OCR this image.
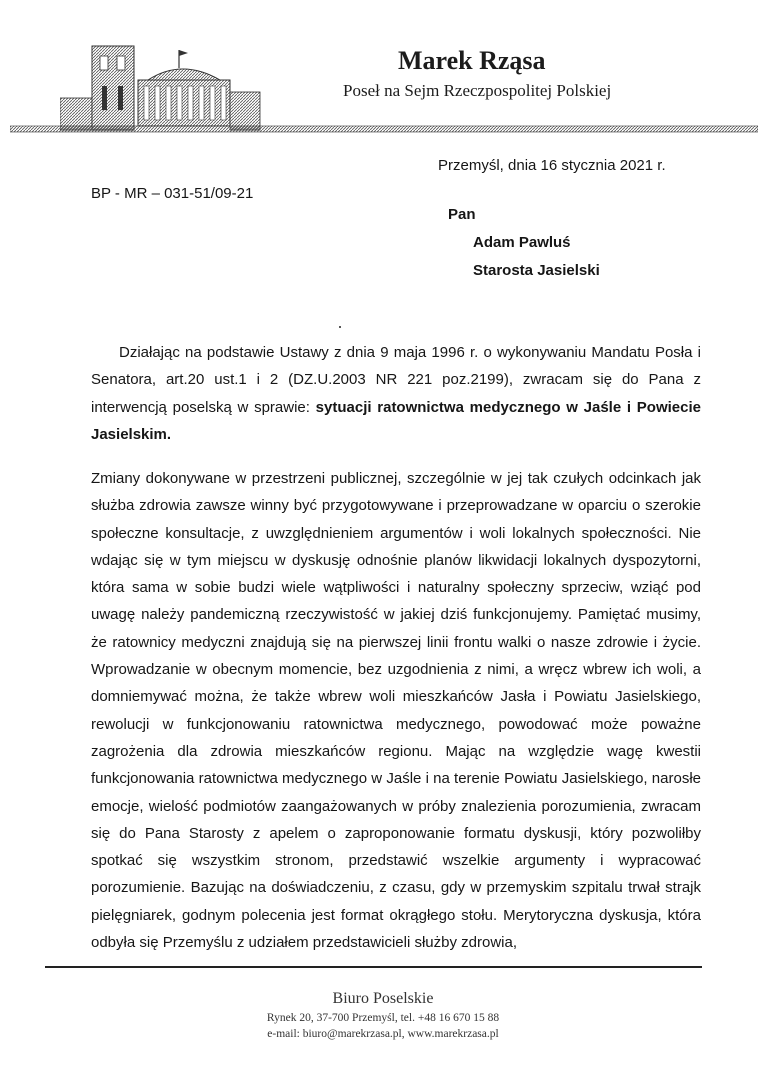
Marek Rząsa
Poseł na Sejm Rzeczpospolitej Polskiej
Przemyśl, dnia 16 stycznia 2021 r.
BP - MR – 031-51/09-21
Pan
Adam Pawluś
Starosta Jasielski

Działając na podstawie Ustawy z dnia 9 maja 1996 r. o wykonywaniu Mandatu Posła i Senatora, art.20 ust.1 i 2 (DZ.U.2003 NR 221 poz.2199), zwracam się do Pana z interwencją poselską w sprawie: sytuacji ratownictwa medycznego w Jaśle i Powiecie Jasielskim.

Zmiany dokonywane w przestrzeni publicznej, szczególnie w jej tak czułych odcinkach jak służba zdrowia zawsze winny być przygotowywane i przeprowadzane w oparciu o szerokie społeczne konsultacje, z uwzględnieniem argumentów i woli lokalnych społeczności. Nie wdając się w tym miejscu w dyskusję odnośnie planów likwidacji lokalnych dyspozytorni, która sama w sobie budzi wiele wątpliwości i naturalny społeczny sprzeciw, wziąć pod uwagę należy pandemiczną rzeczywistość w jakiej dziś funkcjonujemy. Pamiętać musimy, że ratownicy medyczni znajdują się na pierwszej linii frontu walki o nasze zdrowie i życie. Wprowadzanie w obecnym momencie, bez uzgodnienia z nimi, a wręcz wbrew ich woli, a domniemywać można, że także wbrew woli mieszkańców Jasła i Powiatu Jasielskiego, rewolucji w funkcjonowaniu ratownictwa medycznego, powodować może poważne zagrożenia dla zdrowia mieszkańców regionu. Mając na względzie wagę kwestii funkcjonowania ratownictwa medycznego w Jaśle i na terenie Powiatu Jasielskiego, narosłe emocje, wielość podmiotów zaangażowanych w próby znalezienia porozumienia, zwracam się do Pana Starosty z apelem o zaproponowanie formatu dyskusji, który pozwoliłby spotkać się wszystkim stronom, przedstawić wszelkie argumenty i wypracować porozumienie. Bazując na doświadczeniu, z czasu, gdy w przemyskim szpitalu trwał strajk pielęgniarek, godnym polecenia jest format okrągłego stołu. Merytoryczna dyskusja, która odbyła się Przemyślu z udziałem przedstawicieli służby zdrowia,

Biuro Poselskie
Rynek 20, 37-700 Przemyśl, tel. +48 16 670 15 88
e-mail: biuro@marekrzasa.pl, www.marekrzasa.pl
